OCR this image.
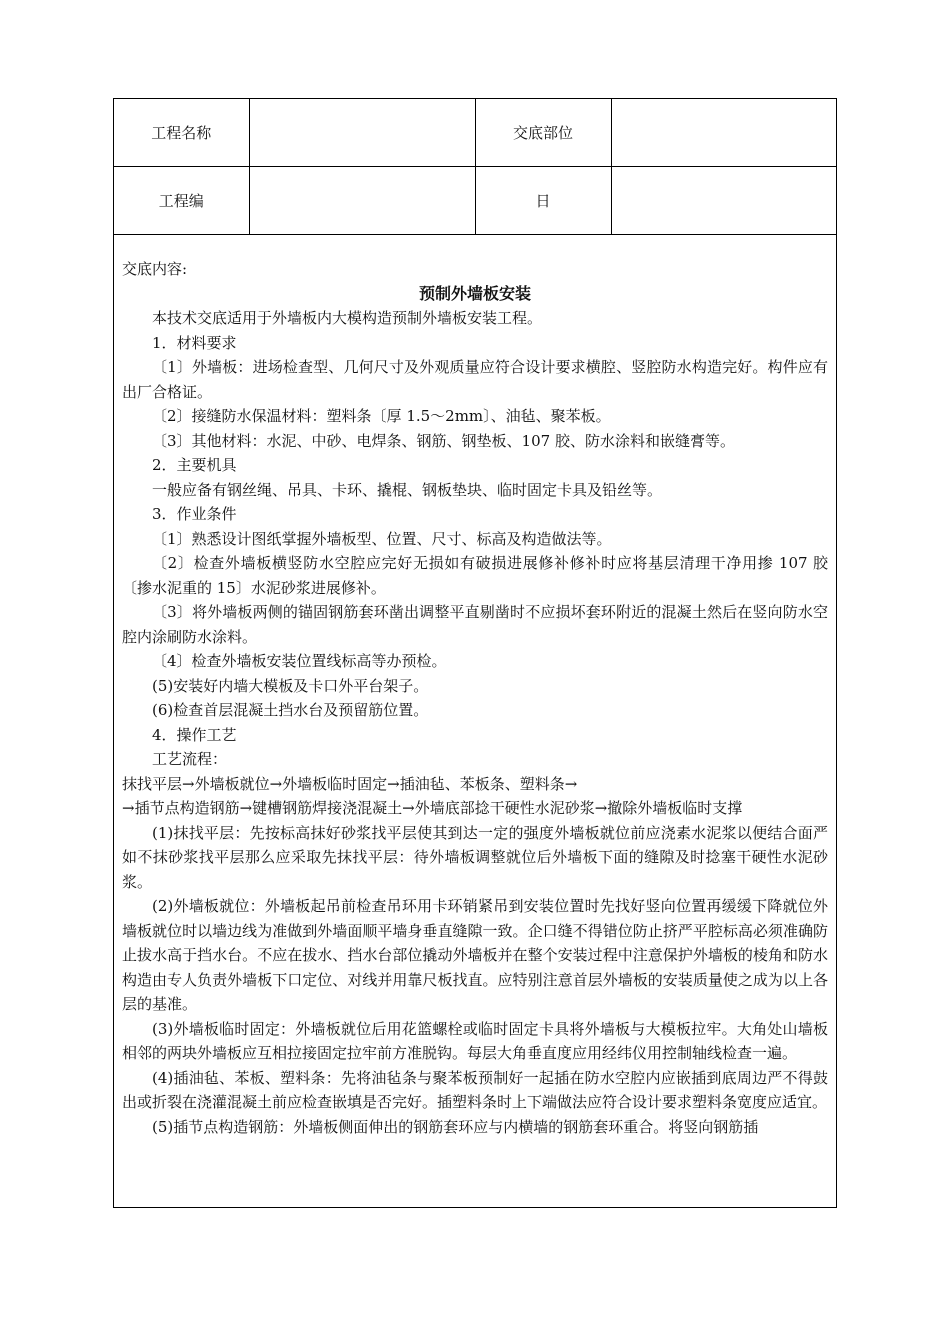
工程名称		交底部位	
工程编		日	

交底内容:

预制外墙板安装

本技术交底适用于外墙板内大模构造预制外墙板安装工程。

1．材料要求

〔1〕外墙板：进场检查型、几何尺寸及外观质量应符合设计要求横腔、竖腔防水构造完好。构件应有出厂合格证。

〔2〕接缝防水保温材料：塑料条〔厚 1.5～2mm〕、油毡、聚苯板。

〔3〕其他材料：水泥、中砂、电焊条、钢筋、钢垫板、107 胶、防水涂料和嵌缝膏等。

2．主要机具

一般应备有钢丝绳、吊具、卡环、撬棍、钢板垫块、临时固定卡具及铅丝等。

3．作业条件

〔1〕熟悉设计图纸掌握外墙板型、位置、尺寸、标高及构造做法等。

〔2〕检查外墙板横竖防水空腔应完好无损如有破损进展修补修补时应将基层清理干净用掺 107 胶〔掺水泥重的 15〕水泥砂浆进展修补。

〔3〕将外墙板两侧的锚固钢筋套环凿出调整平直剔凿时不应损坏套环附近的混凝土然后在竖向防水空腔内涂刷防水涂料。

〔4〕检查外墙板安装位置线标高等办预检。

(5)安装好内墙大模板及卡口外平台架子。

(6)检查首层混凝土挡水台及预留筋位置。

4．操作工艺

工艺流程：

抹找平层→外墙板就位→外墙板临时固定→插油毡、苯板条、塑料条→

→插节点构造钢筋→键槽钢筋焊接浇混凝土→外墙底部捻干硬性水泥砂浆→撤除外墙板临时支撑

(1)抹找平层：先按标高抹好砂浆找平层使其到达一定的强度外墙板就位前应浇素水泥浆以便结合面严如不抹砂浆找平层那么应采取先抹找平层：待外墙板调整就位后外墙板下面的缝隙及时捻塞干硬性水泥砂浆。

(2)外墙板就位：外墙板起吊前检查吊环用卡环销紧吊到安装位置时先找好竖向位置再缓缓下降就位外墙板就位时以墙边线为准做到外墙面顺平墙身垂直缝隙一致。企口缝不得错位防止挤严平腔标高必须准确防止拔水高于挡水台。不应在拔水、挡水台部位撬动外墙板并在整个安装过程中注意保护外墙板的棱角和防水构造由专人负责外墙板下口定位、对线并用靠尺板找直。应特别注意首层外墙板的安装质量使之成为以上各层的基准。

(3)外墙板临时固定：外墙板就位后用花篮螺栓或临时固定卡具将外墙板与大模板拉牢。大角处山墙板相邻的两块外墙板应互相拉接固定拉牢前方准脱钩。每层大角垂直度应用经纬仪用控制轴线检查一遍。

(4)插油毡、苯板、塑料条：先将油毡条与聚苯板预制好一起插在防水空腔内应嵌插到底周边严不得鼓出或折裂在浇灌混凝土前应检查嵌填是否完好。插塑料条时上下端做法应符合设计要求塑料条宽度应适宜。

(5)插节点构造钢筋：外墙板侧面伸出的钢筋套环应与内横墙的钢筋套环重合。将竖向钢筋插
